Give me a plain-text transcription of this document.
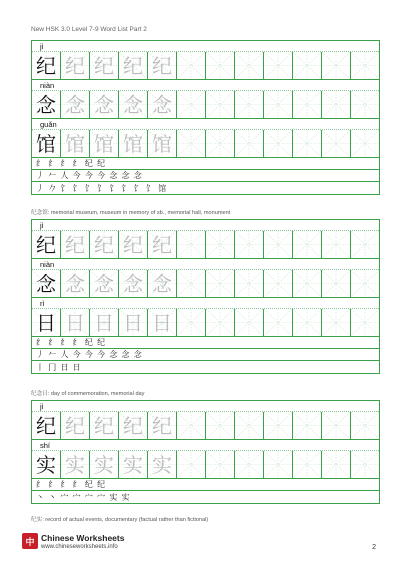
New HSK 3.0 Level 7-9 Word List Part 2
jì
纪 纪 纪 纪 纪
niàn
念 念 念 念 念
guǎn
馆 馆 馆 馆 馆
纟 纟 纟 纟 纪 纪
丿 𠂉 人 今 今 今 念 念 念
丿 𠂊 饣 饣 饣 饣 饣 饣 饣 饣 馆
纪念馆: memorial museum, museum in memory of sb., memorial hall, monument
jì
纪 纪 纪 纪 纪
niàn
念 念 念 念 念
rì
日 日 日 日 日
纟 纟 纟 纟 纪 纪
丿 𠂉 人 今 今 今 念 念 念
丨 冂 日 日
纪念日: day of commemoration, memorial day
jì
纪 纪 纪 纪 纪
shí
实 实 实 实 实
纟 纟 纟 纟 纪 纪
丶 丶 宀 宀 宀 宀 实 实
纪实: record of actual events, documentary (factual rather than fictional)
中 Chinese Worksheets
www.chineseworksheets.info	2
